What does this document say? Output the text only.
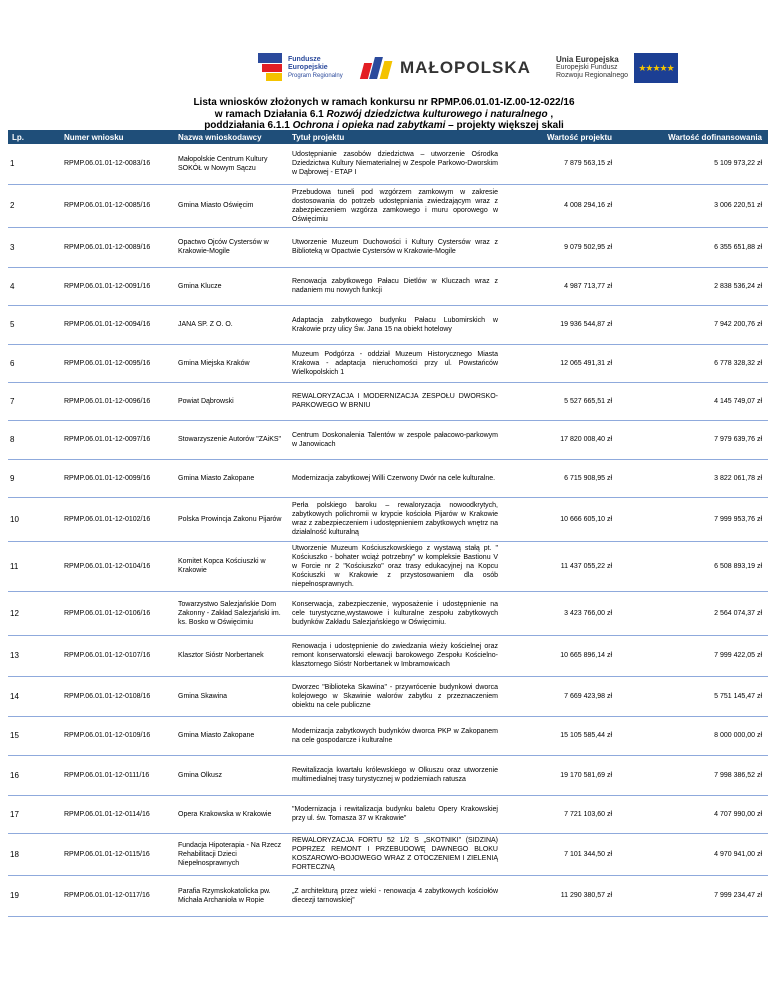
Fundusze
Europejskie
Program Regionalny	MAŁOPOLSKA	Unia Europejska
Europejski Fundusz
Rozwoju Regionalnego
★★★★★
Lista wniosków złożonych w ramach konkursu nr RPMP.06.01.01-IZ.00-12-022/16
w ramach Działania 6.1 Rozwój dziedzictwa kulturowego i naturalnego ,
poddziałania 6.1.1 Ochrona i opieka nad zabytkami – projekty większej skali
Lp.	Numer wniosku	Nazwa wnioskodawcy	Tytuł projektu	Wartość projektu	Wartość dofinansowania
1	RPMP.06.01.01-12-0083/16	Małopolskie Centrum Kultury SOKÓŁ w Nowym Sączu	Udostępnianie zasobów dziedzictwa – utworzenie Ośrodka Dziedzictwa Kultury Niematerialnej w Zespole Parkowo-Dworskim w Dąbrowej - ETAP I	7 879 563,15 zł	5 109 973,22 zł
2	RPMP.06.01.01-12-0085/16	Gmina Miasto Oświęcim	Przebudowa tuneli pod wzgórzem zamkowym w zakresie dostosowania do potrzeb udostępniania zwiedzającym wraz z zabezpieczeniem wzgórza zamkowego i muru oporowego w Oświęcimiu	4 008 294,16 zł	3 006 220,51 zł
3	RPMP.06.01.01-12-0089/16	Opactwo Ojców Cystersów w Krakowie-Mogile	Utworzenie Muzeum Duchowości i Kultury Cystersów wraz z Biblioteką w Opactwie Cystersów w Krakowie-Mogile	9 079 502,95 zł	6 355 651,88 zł
4	RPMP.06.01.01-12-0091/16	Gmina Klucze	Renowacja zabytkowego Pałacu Dietlów w Kluczach wraz z nadaniem mu nowych funkcji	4 987 713,77 zł	2 838 536,24 zł
5	RPMP.06.01.01-12-0094/16	JANA SP. Z O. O.	Adaptacja zabytkowego budynku Pałacu Lubomirskich w Krakowie przy ulicy Św. Jana 15 na obiekt hotelowy	19 936 544,87 zł	7 942 200,76 zł
6	RPMP.06.01.01-12-0095/16	Gmina Miejska Kraków	Muzeum Podgórza - oddział Muzeum Historycznego Miasta Krakowa - adaptacja nieruchomości przy ul. Powstańców Wielkopolskich 1	12 065 491,31 zł	6 778 328,32 zł
7	RPMP.06.01.01-12-0096/16	Powiat Dąbrowski	REWALORYZACJA I MODERNIZACJA ZESPOŁU DWORSKO-PARKOWEGO W BRNIU	5 527 665,51 zł	4 145 749,07 zł
8	RPMP.06.01.01-12-0097/16	Stowarzyszenie Autorów "ZAiKS"	Centrum Doskonalenia Talentów w zespole pałacowo-parkowym w Janowicach	17 820 008,40 zł	7 979 639,76 zł
9	RPMP.06.01.01-12-0099/16	Gmina Miasto Zakopane	Modernizacja zabytkowej Willi Czerwony Dwór na cele kulturalne.	6 715 908,95 zł	3 822 061,78 zł
10	RPMP.06.01.01-12-0102/16	Polska Prowincja Zakonu Pijarów	Perła polskiego baroku – rewaloryzacja nowoodkrytych, zabytkowych polichromii w krypcie kościoła Pijarów w Krakowie wraz z zabezpieczeniem i udostępnieniem zabytkowych wnętrz na działalność kulturalną	10 666 605,10 zł	7 999 953,76 zł
11	RPMP.06.01.01-12-0104/16	Komitet Kopca Kościuszki w Krakowie	Utworzenie Muzeum Kościuszkowskiego z wystawą stałą pt. " Kościuszko - bohater wciąż potrzebny" w kompleksie Bastionu V w Forcie nr 2 "Kościuszko" oraz trasy edukacyjnej na Kopcu Kościuszki w Krakowie z przystosowaniem dla osób niepełnosprawnych.	11 437 055,22 zł	6 508 893,19 zł
12	RPMP.06.01.01-12-0106/16	Towarzystwo Salezjańskie Dom Zakonny - Zakład Salezjański im. ks. Bosko w Oświęcimiu	Konserwacja, zabezpieczenie, wyposażenie i udostępnienie na cele turystyczne,wystawowe i kulturalne zespołu zabytkowych budynków Zakładu Salezjańskiego w Oświęcimiu.	3 423 766,00 zł	2 564 074,37 zł
13	RPMP.06.01.01-12-0107/16	Klasztor Sióstr Norbertanek	Renowacja i udostępnienie do zwiedzania wieży kościelnej oraz remont konserwatorski elewacji barokowego Zespołu Kościelno-klasztornego Sióstr Norbertanek w Imbramowicach	10 665 896,14 zł	7 999 422,05 zł
14	RPMP.06.01.01-12-0108/16	Gmina Skawina	Dworzec "Biblioteka Skawina" - przywrócenie budynkowi dworca kolejowego w Skawinie walorów zabytku z przeznaczeniem obiektu na cele publiczne	7 669 423,98 zł	5 751 145,47 zł
15	RPMP.06.01.01-12-0109/16	Gmina Miasto Zakopane	Modernizacja zabytkowych budynków dworca PKP w Zakopanem na cele gospodarcze i kulturalne	15 105 585,44 zł	8 000 000,00 zł
16	RPMP.06.01.01-12-0111/16	Gmina Olkusz	Rewitalizacja kwartału królewskiego w Olkuszu oraz utworzenie multimedialnej trasy turystycznej w podziemiach ratusza	19 170 581,69 zł	7 998 386,52 zł
17	RPMP.06.01.01-12-0114/16	Opera Krakowska w Krakowie	"Modernizacja i rewitalizacja budynku baletu Opery Krakowskiej przy ul. św. Tomasza 37 w Krakowie"	7 721 103,60 zł	4 707 990,00 zł
18	RPMP.06.01.01-12-0115/16	Fundacja Hipoterapia - Na Rzecz Rehabilitacji Dzieci Niepełnosprawnych	REWALORYZACJA FORTU 52 1/2 S „SKOTNIKI” (SIDZINA) POPRZEZ REMONT I PRZEBUDOWĘ DAWNEGO BLOKU KOSZAROWO-BOJOWEGO WRAZ Z OTOCZENIEM I ZIELENIĄ FORTECZNĄ	7 101 344,50 zł	4 970 941,00 zł
19	RPMP.06.01.01-12-0117/16	Parafia Rzymskokatolicka pw. Michała Archanioła w Ropie	„Z architekturą przez wieki - renowacja 4 zabytkowych kościołów diecezji tarnowskiej”	11 290 380,57 zł	7 999 234,47 zł
